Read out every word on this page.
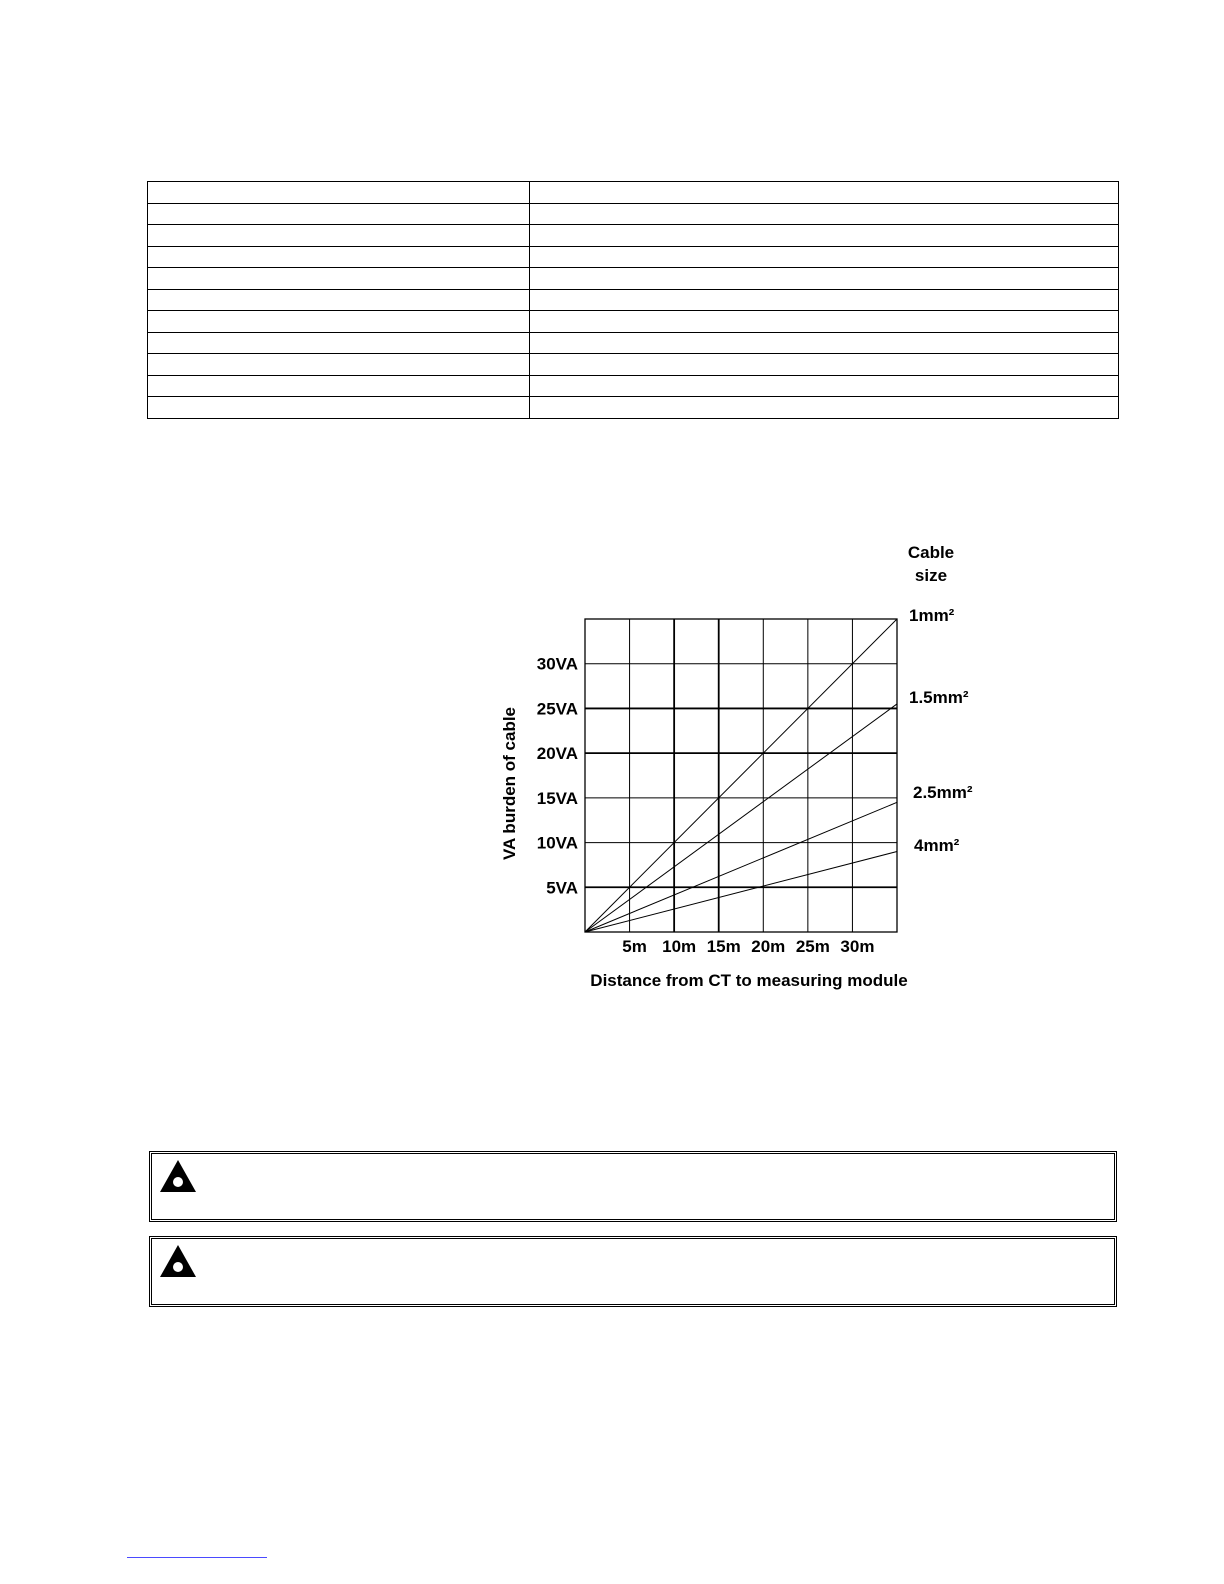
5VA
10VA
15VA
20VA
25VA
30VA
5m 10m 15m 20m 25m 30m
Distance from CT to measuring module
VA burden of cable
Cable
size
1mm²
1.5mm²
2.5mm²
4mm²
